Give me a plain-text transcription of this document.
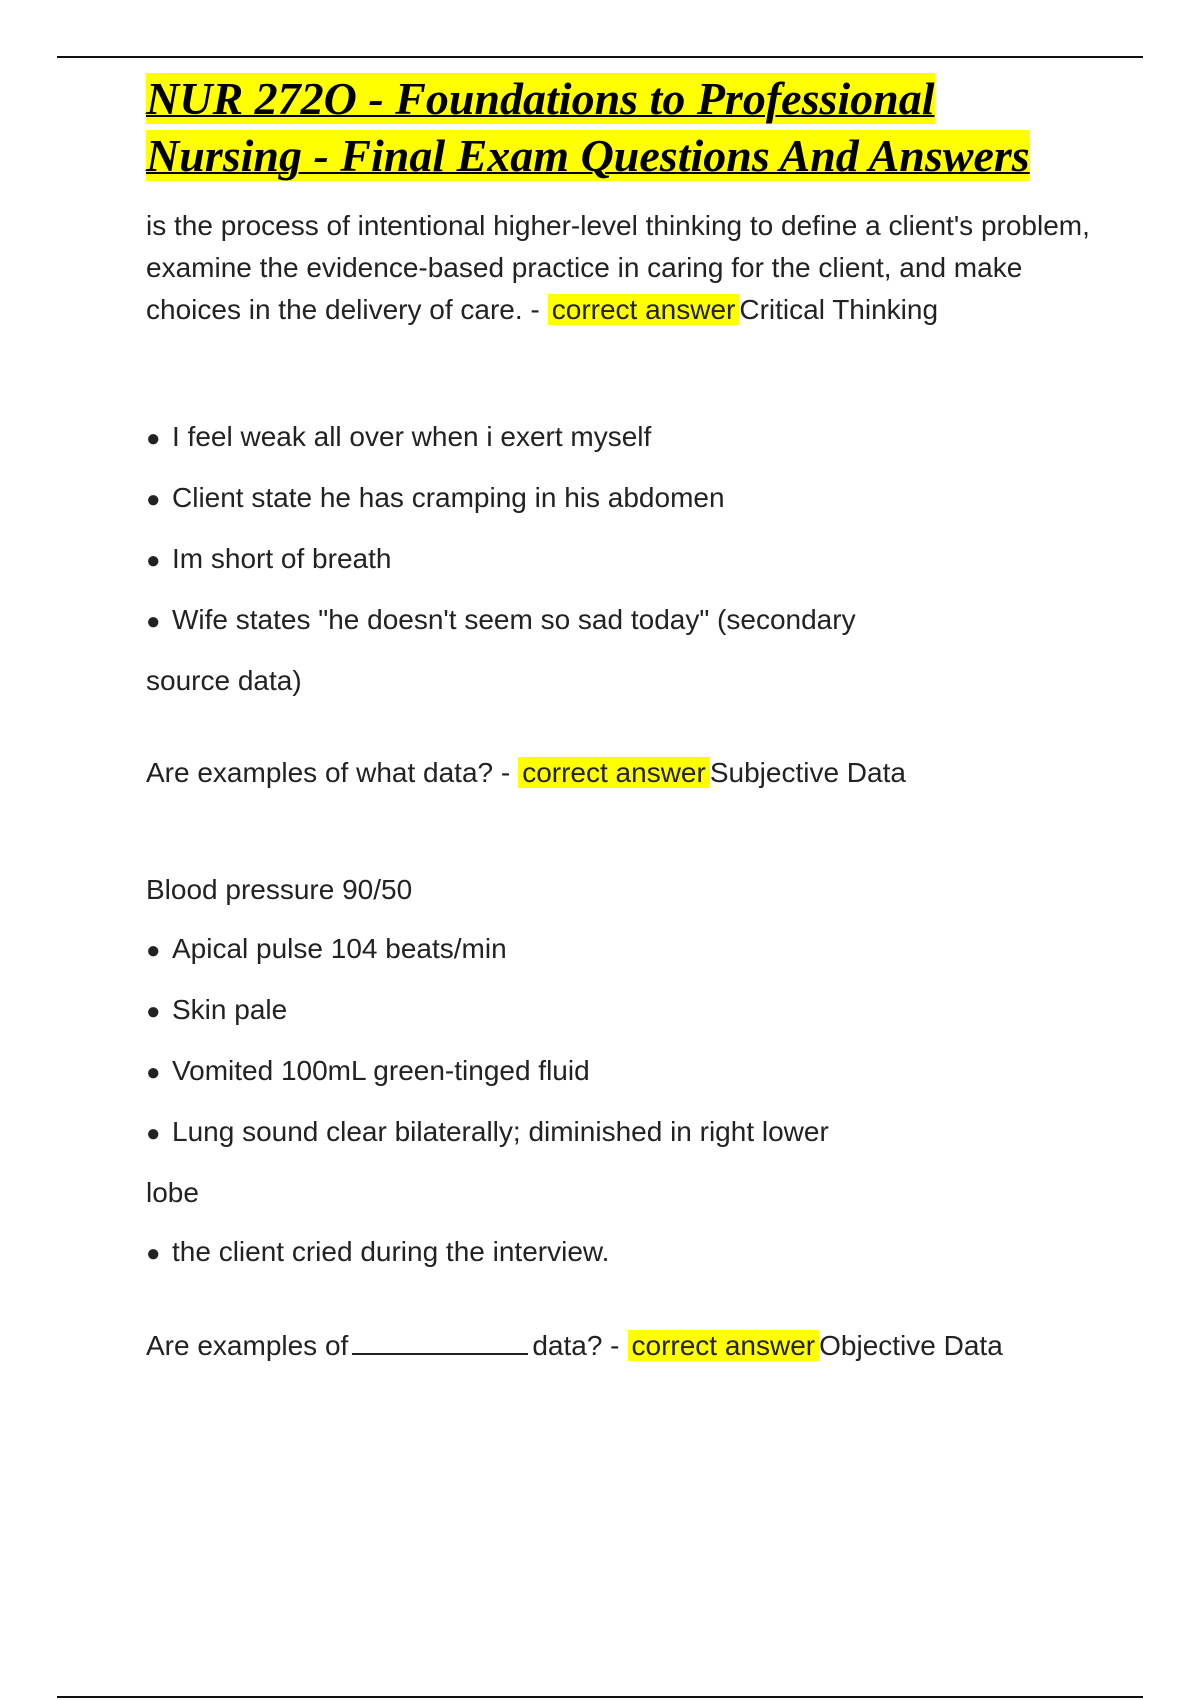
NUR 272O - Foundations to Professional
Nursing - Final Exam Questions And Answers

is the process of intentional higher-level thinking to define a client's problem, examine the evidence-based practice in caring for the client, and make choices in the delivery of care. - correct answer Critical Thinking

● I feel weak all over when i exert myself
● Client state he has cramping in his abdomen
● Im short of breath
● Wife states "he doesn't seem so sad today" (secondary
source data)

Are examples of what data? - correct answer Subjective Data

Blood pressure 90/50
● Apical pulse 104 beats/min
● Skin pale
● Vomited 100mL green-tinged fluid
● Lung sound clear bilaterally; diminished in right lower
lobe
● the client cried during the interview.

Are examples of	data? - correct answer Objective Data
